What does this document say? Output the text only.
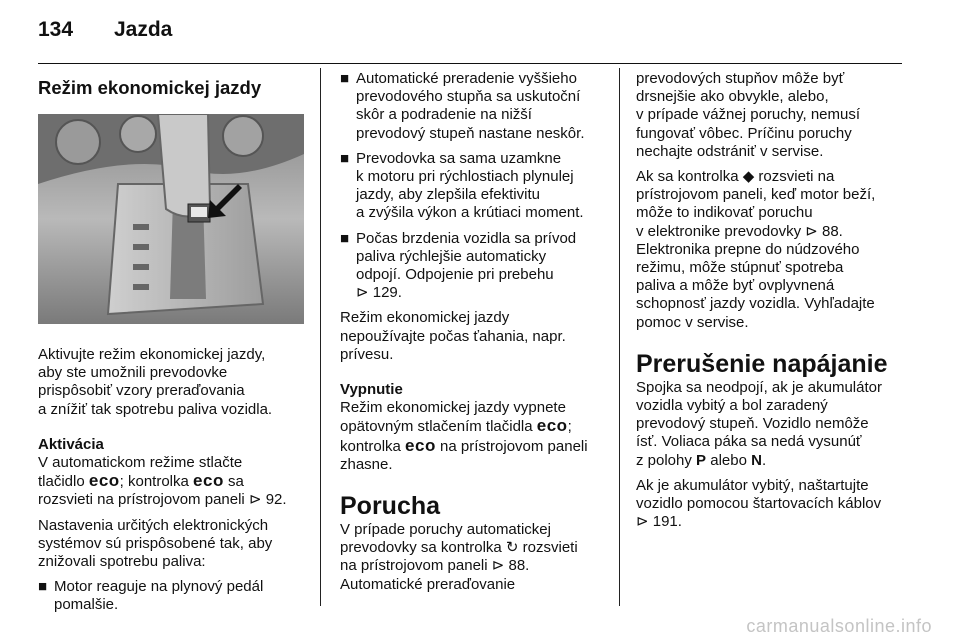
134	Jazda
Režim ekonomickej jazdy

Aktivujte režim ekonomickej jazdy,
aby ste umožnili prevodovke
prispôsobiť vzory preraďovania
a znížiť tak spotrebu paliva vozidla.

Aktivácia

V automatickom režime stlačte
tlačidlo eco; kontrolka eco sa
rozsvieti na prístrojovom paneli ⊳ 92.

Nastavenia určitých elektronických
systémov sú prispôsobené tak, aby
znižovali spotrebu paliva:

■ Motor reaguje na plynový pedál
pomalšie.
■ Automatické preradenie vyššieho
prevodového stupňa sa uskutoční
skôr a podradenie na nižší
prevodový stupeň nastane neskôr.
■ Prevodovka sa sama uzamkne
k motoru pri rýchlostiach plynulej
jazdy, aby zlepšila efektivitu
a zvýšila výkon a krútiaci moment.
■ Počas brzdenia vozidla sa prívod
paliva rýchlejšie automaticky
odpojí. Odpojenie pri prebehu
⊳ 129.

Režim ekonomickej jazdy
nepoužívajte počas ťahania, napr.
prívesu.

Vypnutie

Režim ekonomickej jazdy vypnete
opätovným stlačením tlačidla eco;
kontrolka eco na prístrojovom paneli
zhasne.

Porucha

V prípade poruchy automatickej
prevodovky sa kontrolka ↻ rozsvieti
na prístrojovom paneli ⊳ 88.
Automatické preraďovanie

prevodových stupňov môže byť
drsnejšie ako obvykle, alebo,
v prípade vážnej poruchy, nemusí
fungovať vôbec. Príčinu poruchy
nechajte odstrániť v servise.

Ak sa kontrolka ◆ rozsvieti na
prístrojovom paneli, keď motor beží,
môže to indikovať poruchu
v elektronike prevodovky ⊳ 88.
Elektronika prepne do núdzového
režimu, môže stúpnuť spotreba
paliva a môže byť ovplyvnená
schopnosť jazdy vozidla. Vyhľadajte
pomoc v servise.

Prerušenie napájanie

Spojka sa neodpojí, ak je akumulátor
vozidla vybitý a bol zaradený
prevodový stupeň. Vozidlo nemôže
ísť. Voliaca páka sa nedá vysunúť
z polohy P alebo N.

Ak je akumulátor vybitý, naštartujte
vozidlo pomocou štartovacích káblov
⊳ 191.

carmanualsonline.info
